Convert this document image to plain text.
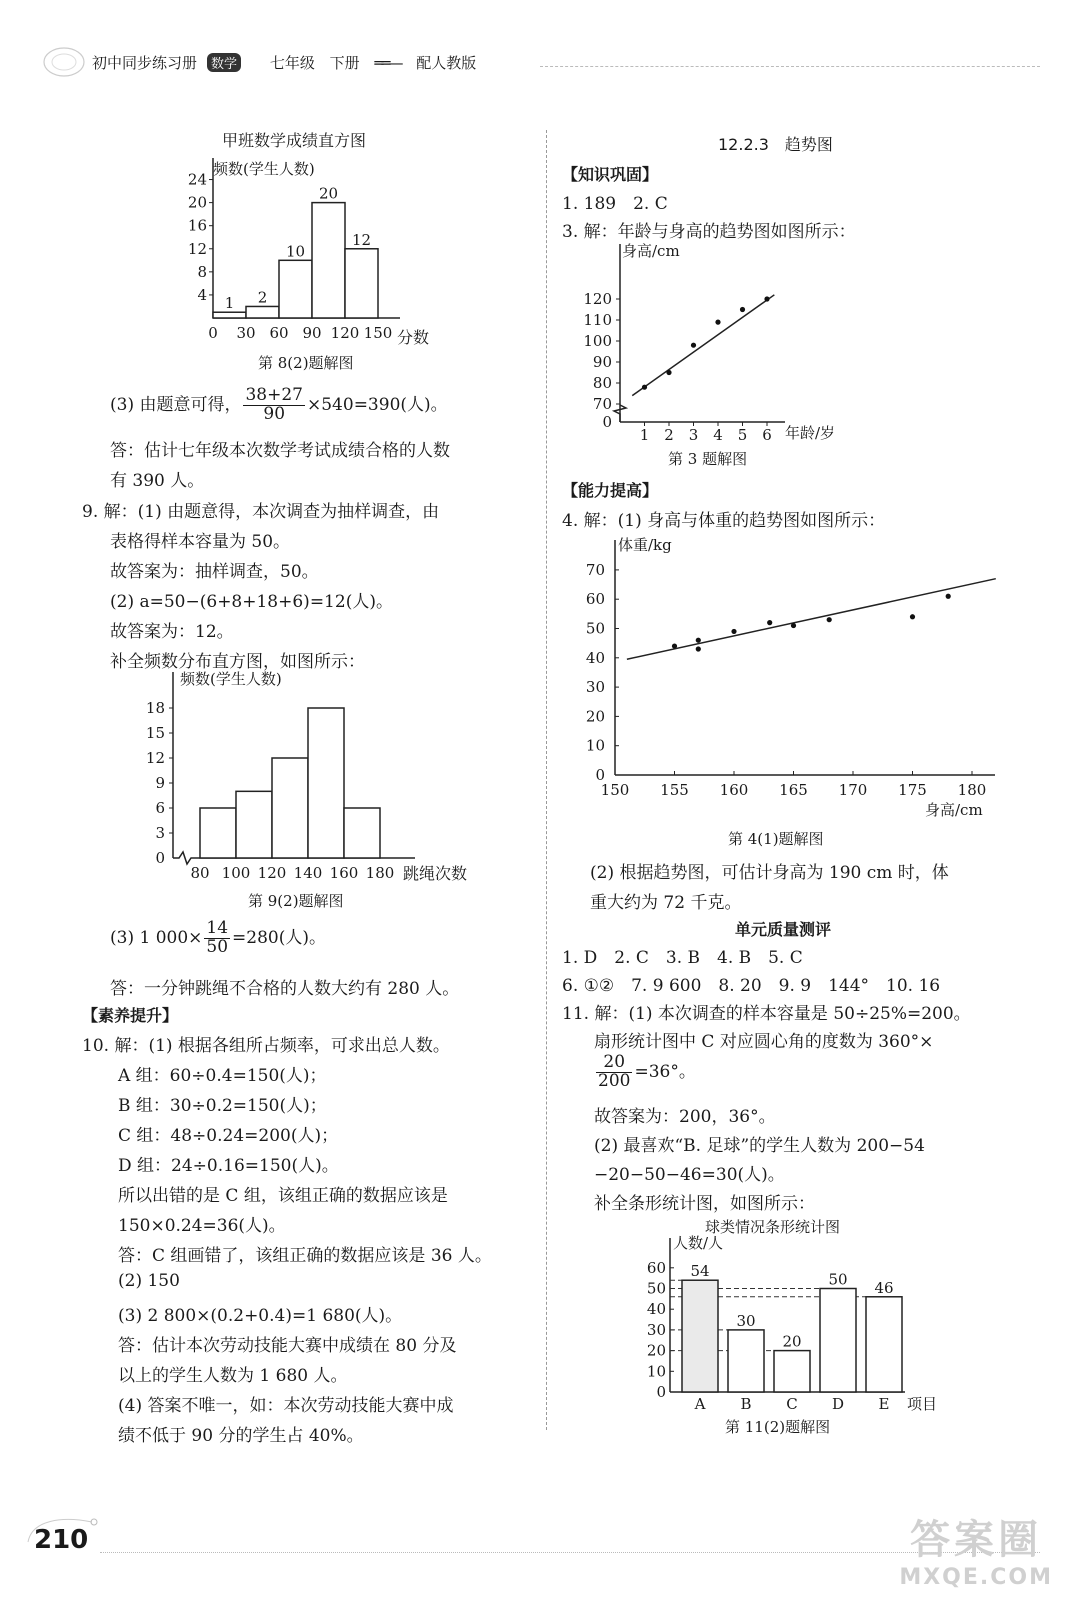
初中同步练习册 数学 七年级 下册 ══— 配人教版
甲班数学成绩直方图
频数(学生人数)
4
8
12
16
20
24
0 30 60 90 120 150
1 2
10
20
12
分数
第 8(2)题解图
(3) 由题意可得， $\frac{38+27}{90} \times 540=390$(人)。
答：估计七年级本次数学考试成绩合格的人数
有 390 人。
9. 解：(1) 由题意得，本次调查为抽样调查，由
表格得样本容量为 50。
故答案为：抽样调查，50。
(2) a=50−(6+8+18+6)=12(人)。
故答案为：12。
补全频数分布直方图，如图所示：
频数(学生人数)
0
3
6
9
12
15
18
80 100 120 140 160 180 跳绳次数
第 9(2)题解图
(3) 1 $000\times \frac{14}{50} =280$(人)。
答：一分钟跳绳不合格的人数大约有 280 人。
【素养提升】
10. 解：(1) 根据各组所占频率，可求出总人数。
A 组：60÷0.4=150(人)；
B 组：30÷0.2=150(人)；
C 组：48÷0.24=200(人)；
D 组：24÷0.16=150(人)。
所以出错的是 C 组，该组正确的数据应该是
150×0.24=36(人)。
答：C 组画错了，该组正确的数据应该是 36 人。
(2) 150
(3) 2 800×(0.2+0.4)=1 680(人)。
答：估计本次劳动技能大赛中成绩在 80 分及
以上的学生人数为 1 680 人。
(4) 答案不唯一，如：本次劳动技能大赛中成
绩不低于 90 分的学生占 40%。
12.2.3　趋势图
【知识巩固】
1. 189　2. C
3. 解：年龄与身高的趋势图如图所示：
身高/cm
0
70
80
90
100
110
120
1 2 3 4 5 6 年龄/岁
第 3 题解图
【能力提高】
4. 解：(1) 身高与体重的趋势图如图所示：
体重/kg
0
10
20
30
40
50
60
70
150 155 160 165 170 175 180
身高/cm
第 4(1)题解图
(2) 根据趋势图，可估计身高为 190 cm 时，体
重大约为 72 千克。
单元质量测评
1. D　2. C　3. B　4. B　5. C
6. ①②　7. 9 600　8. 20　9. 9　144°　10. 16
11. 解：(1) 本次调查的样本容量是 50÷25%=200。
扇形统计图中 C 对应圆心角的度数为 360°×
$\frac{20}{200} =36^\circ$。
故答案为：200，36°。
(2) 最喜欢“B. 足球”的学生人数为 200−54
−20−50−46=30(人)。
补全条形统计图，如图所示：
球类情况条形统计图
人数/人
0
10
20
30
40
50
60 54
A
30
B
20
C
50
D
46
E 项目
第 11(2)题解图
210	答案圈
MXQE.COM
